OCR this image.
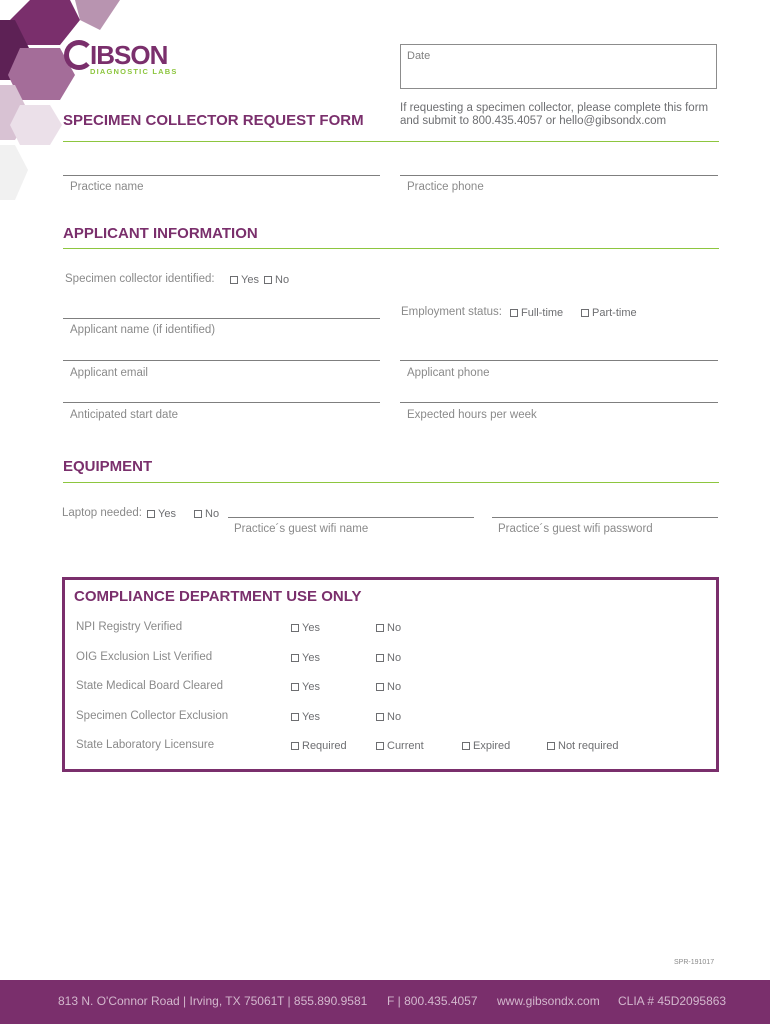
IBSON
DIAGNOSTIC LABS
Date
SPECIMEN COLLECTOR REQUEST FORM
If requesting a specimen collector, please complete this form
and submit to 800.435.4057 or hello@gibsondx.com
Practice name	Practice phone
APPLICANT INFORMATION
Specimen collector identified:	Yes	No
Employment status:	Full-time	Part-time
Applicant name (if identified)
Applicant email	Applicant phone
Anticipated start date	Expected hours per week
EQUIPMENT
Laptop needed:	Yes	No
Practice´s guest wifi name	Practice´s guest wifi password
COMPLIANCE DEPARTMENT USE ONLY
NPI Registry Verified	Yes	No
OIG Exclusion List Verified	Yes	No
State Medical Board Cleared	Yes	No
Specimen Collector Exclusion	Yes	No
State Laboratory Licensure	Required	Current	Expired	Not required
SPR-191017
813 N. O'Connor Road | Irving, TX 75061 T | 855.890.9581 F | 800.435.4057 www.gibsondx.com CLIA # 45D2095863
